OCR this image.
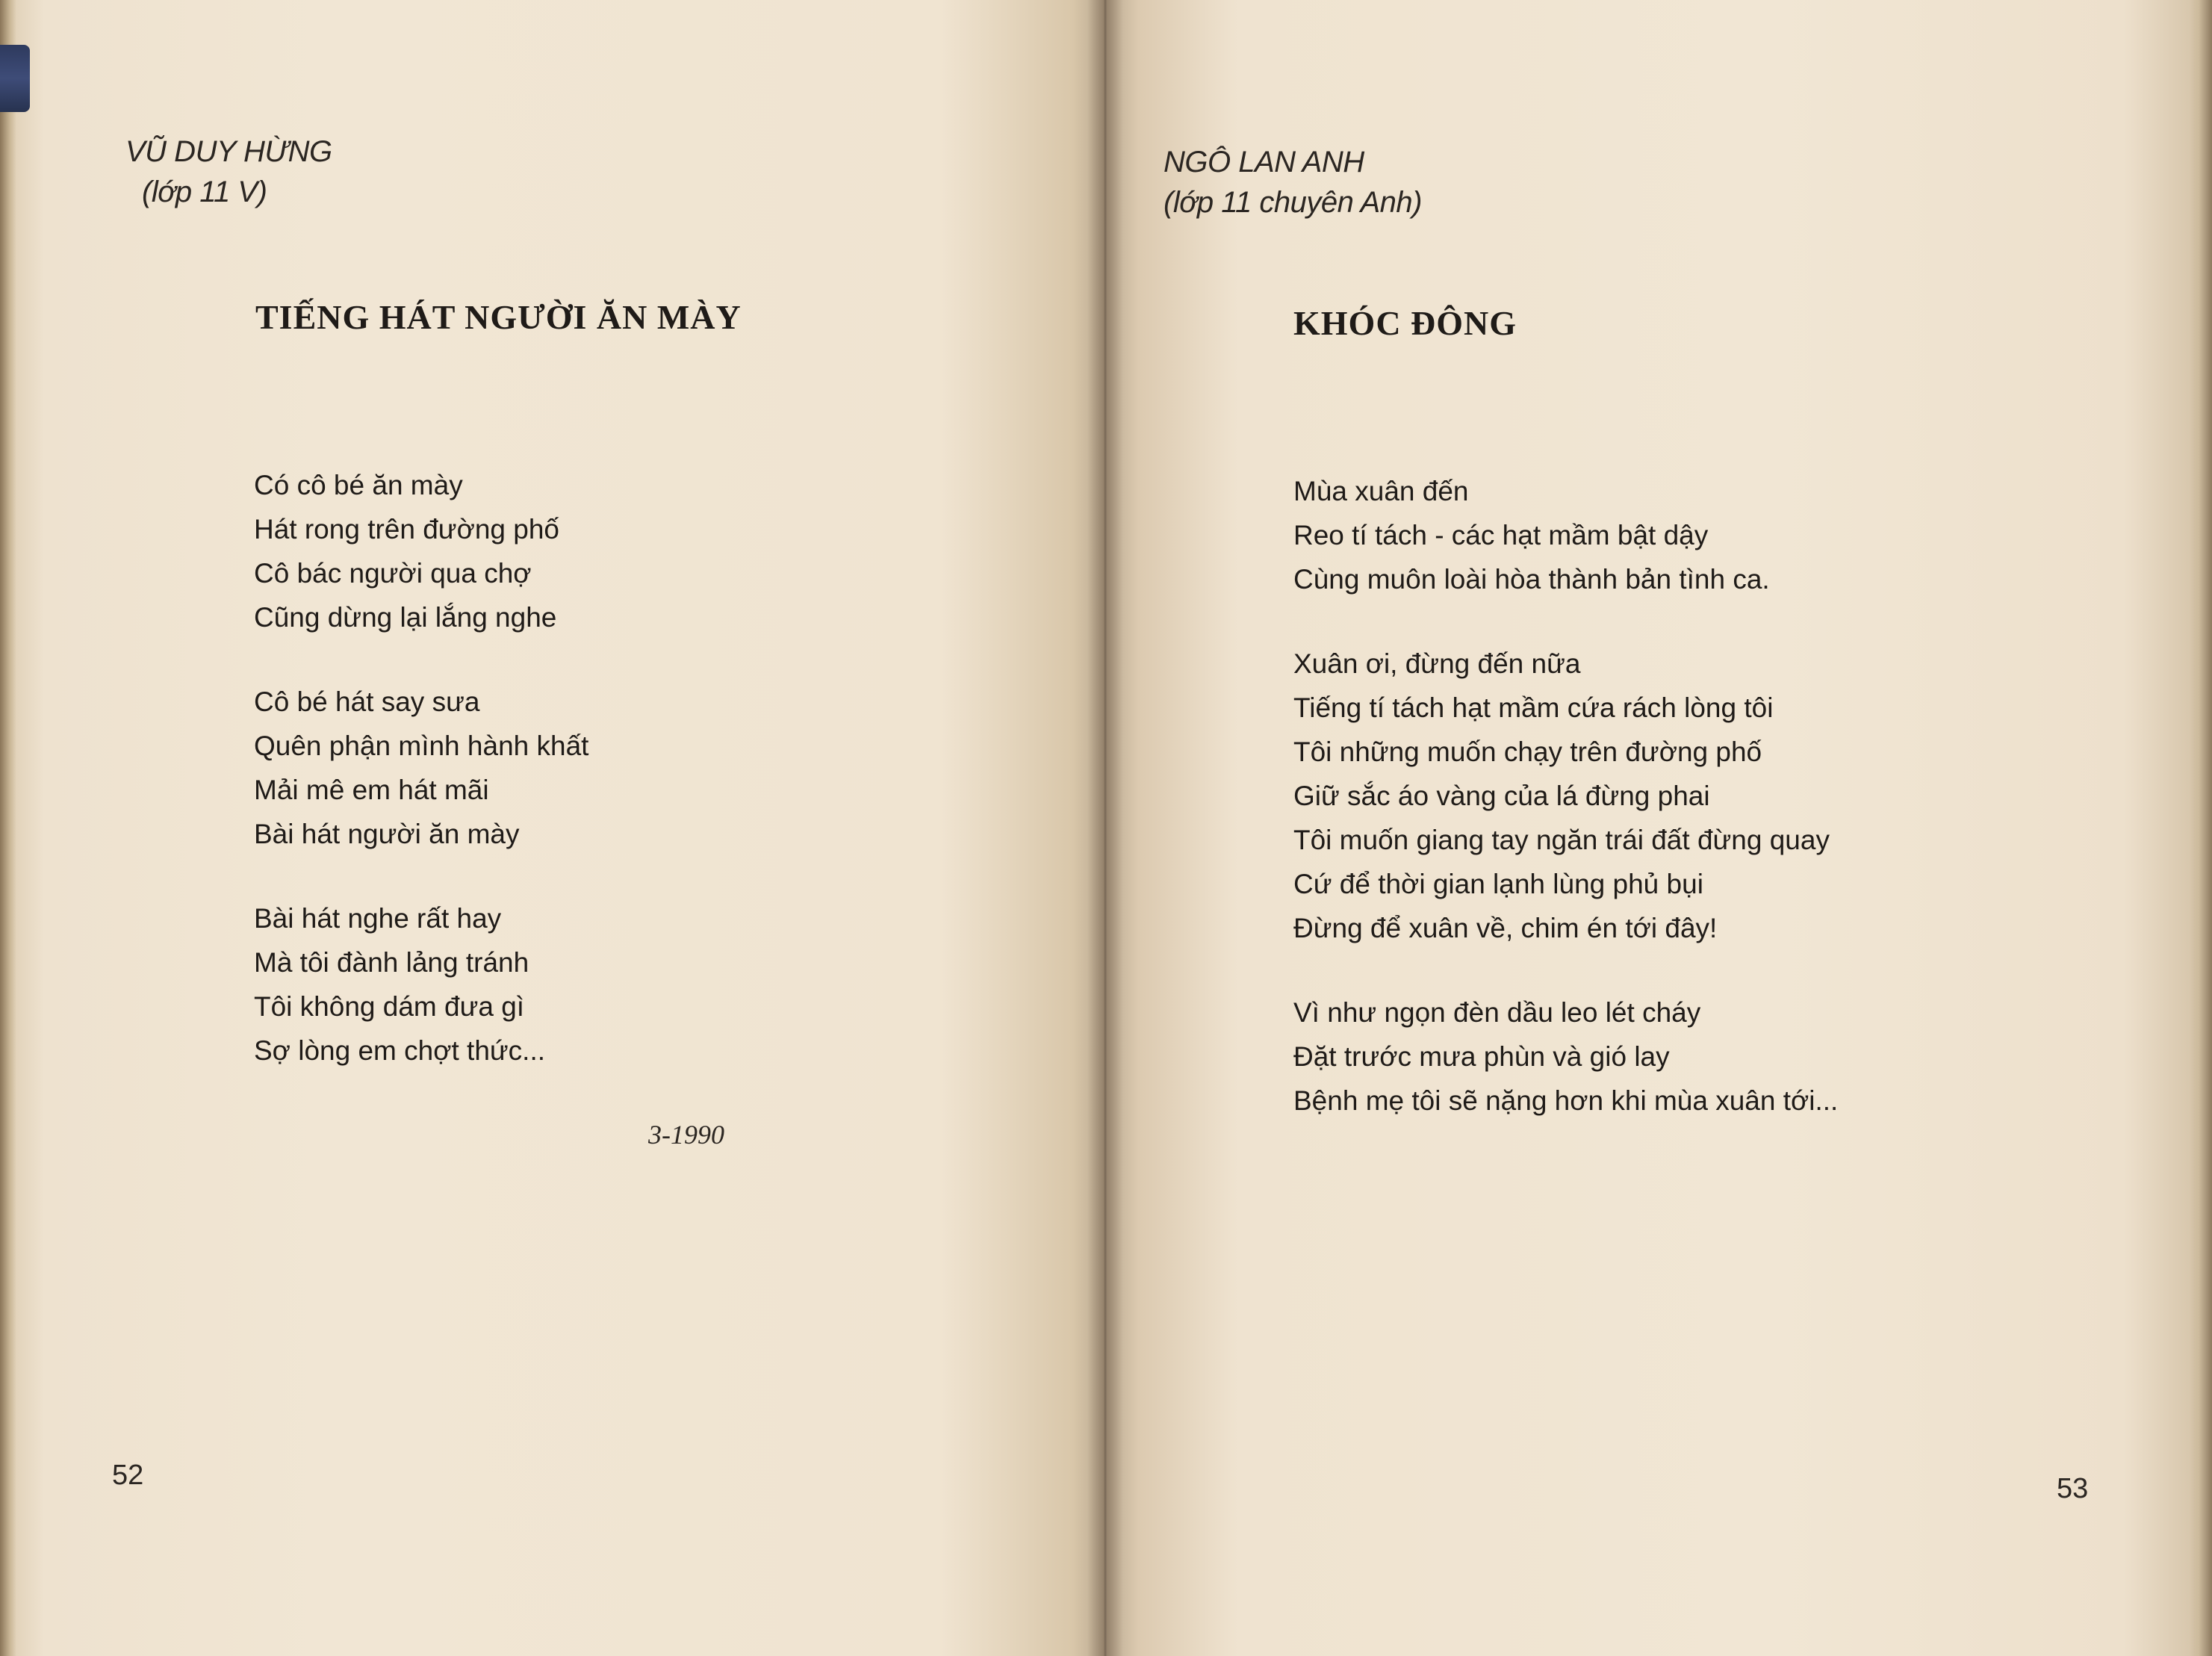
VŨ DUY HỪNG
(lớp 11 V)
TIẾNG HÁT NGƯỜI ĂN MÀY
Có cô bé ăn mày
Hát rong trên đường phố
Cô bác người qua chợ
Cũng dừng lại lắng nghe
Cô bé hát say sưa
Quên phận mình hành khất
Mải mê em hát mãi
Bài hát người ăn mày
Bài hát nghe rất hay
Mà tôi đành lảng tránh
Tôi không dám đưa gì
Sợ lòng em chợt thức...
3-1990
52
NGÔ LAN ANH
(lớp 11 chuyên Anh)
KHÓC ĐÔNG
Mùa xuân đến
Reo tí tách - các hạt mầm bật dậy
Cùng muôn loài hòa thành bản tình ca.
Xuân ơi, đừng đến nữa
Tiếng tí tách hạt mầm cứa rách lòng tôi
Tôi những muốn chạy trên đường phố
Giữ sắc áo vàng của lá đừng phai
Tôi muốn giang tay ngăn trái đất đừng quay
Cứ để thời gian lạnh lùng phủ bụi
Đừng để xuân về, chim én tới đây!
Vì như ngọn đèn dầu leo lét cháy
Đặt trước mưa phùn và gió lay
Bệnh mẹ tôi sẽ nặng hơn khi mùa xuân tới...
53
